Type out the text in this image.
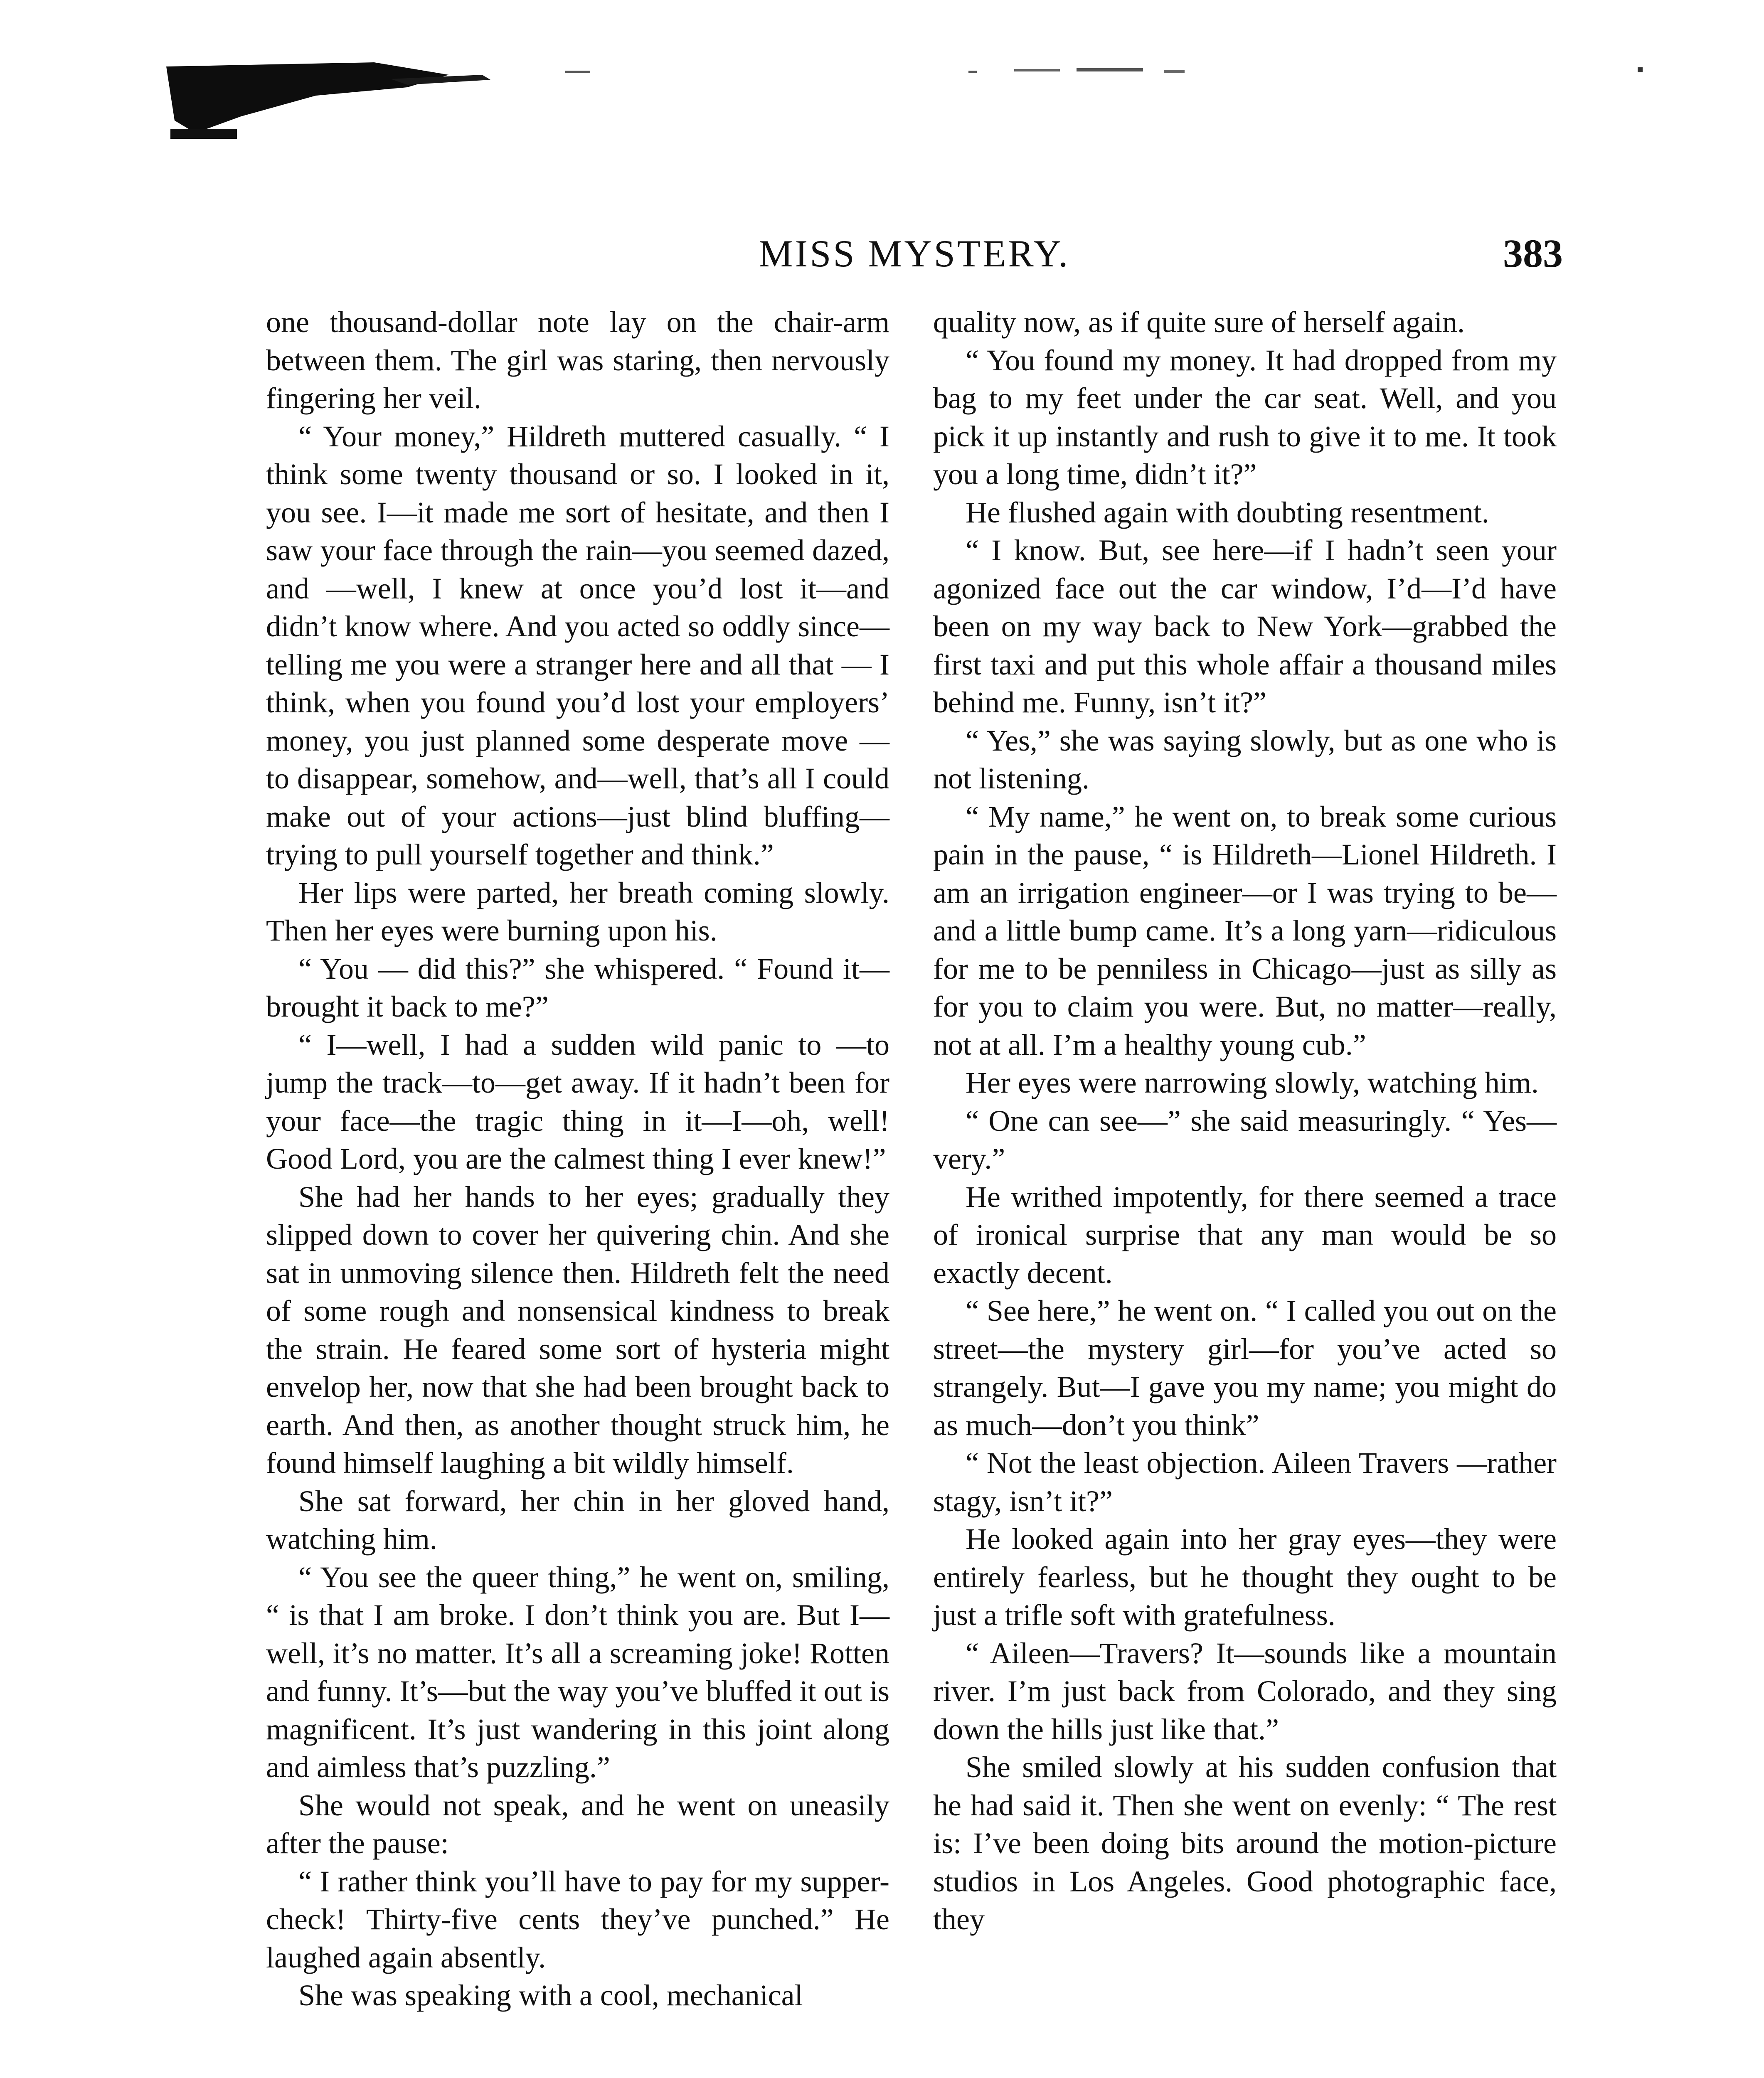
MISS MYSTERY.	383

one thousand-dollar note lay on the chair-arm between them. The girl was staring, then nervously fingering her veil.

“ Your money,” Hildreth muttered casually. “ I think some twenty thousand or so. I looked in it, you see. I—it made me sort of hesitate, and then I saw your face through the rain—you seemed dazed, and —well, I knew at once you’d lost it—and didn’t know where. And you acted so oddly since—telling me you were a stranger here and all that — I think, when you found you’d lost your employers’ money, you just planned some desperate move — to disappear, somehow, and—well, that’s all I could make out of your actions—just blind bluffing—trying to pull yourself together and think.”

Her lips were parted, her breath coming slowly. Then her eyes were burning upon his.

“ You — did this?” she whispered. “ Found it—brought it back to me?”

“ I—well, I had a sudden wild panic to —to jump the track—to—get away. If it hadn’t been for your face—the tragic thing in it—I—oh, well! Good Lord, you are the calmest thing I ever knew!”

She had her hands to her eyes; gradually they slipped down to cover her quivering chin. And she sat in unmoving silence then. Hildreth felt the need of some rough and nonsensical kindness to break the strain. He feared some sort of hysteria might envelop her, now that she had been brought back to earth. And then, as another thought struck him, he found himself laughing a bit wildly himself.

She sat forward, her chin in her gloved hand, watching him.

“ You see the queer thing,” he went on, smiling, “ is that I am broke. I don’t think you are. But I—well, it’s no matter. It’s all a screaming joke! Rotten and funny. It’s—but the way you’ve bluffed it out is magnificent. It’s just wandering in this joint along and aimless that’s puzzling.”

She would not speak, and he went on uneasily after the pause:

“ I rather think you’ll have to pay for my supper-check! Thirty-five cents they’ve punched.” He laughed again absently.

She was speaking with a cool, mechanical

quality now, as if quite sure of herself again.

“ You found my money. It had dropped from my bag to my feet under the car seat. Well, and you pick it up instantly and rush to give it to me. It took you a long time, didn’t it?”

He flushed again with doubting resentment.

“ I know. But, see here—if I hadn’t seen your agonized face out the car window, I’d—I’d have been on my way back to New York—grabbed the first taxi and put this whole affair a thousand miles behind me. Funny, isn’t it?”

“ Yes,” she was saying slowly, but as one who is not listening.

“ My name,” he went on, to break some curious pain in the pause, “ is Hildreth—Lionel Hildreth. I am an irrigation engineer—or I was trying to be—and a little bump came. It’s a long yarn—ridiculous for me to be penniless in Chicago—just as silly as for you to claim you were. But, no matter—really, not at all. I’m a healthy young cub.”

Her eyes were narrowing slowly, watching him.

“ One can see—” she said measuringly. “ Yes—very.”

He writhed impotently, for there seemed a trace of ironical surprise that any man would be so exactly decent.

“ See here,” he went on. “ I called you out on the street—the mystery girl—for you’ve acted so strangely. But—I gave you my name; you might do as much—don’t you think”

“ Not the least objection. Aileen Travers —rather stagy, isn’t it?”

He looked again into her gray eyes—they were entirely fearless, but he thought they ought to be just a trifle soft with gratefulness.

“ Aileen—Travers? It—sounds like a mountain river. I’m just back from Colorado, and they sing down the hills just like that.”

She smiled slowly at his sudden confusion that he had said it. Then she went on evenly: “ The rest is: I’ve been doing bits around the motion-picture studios in Los Angeles. Good photographic face, they
